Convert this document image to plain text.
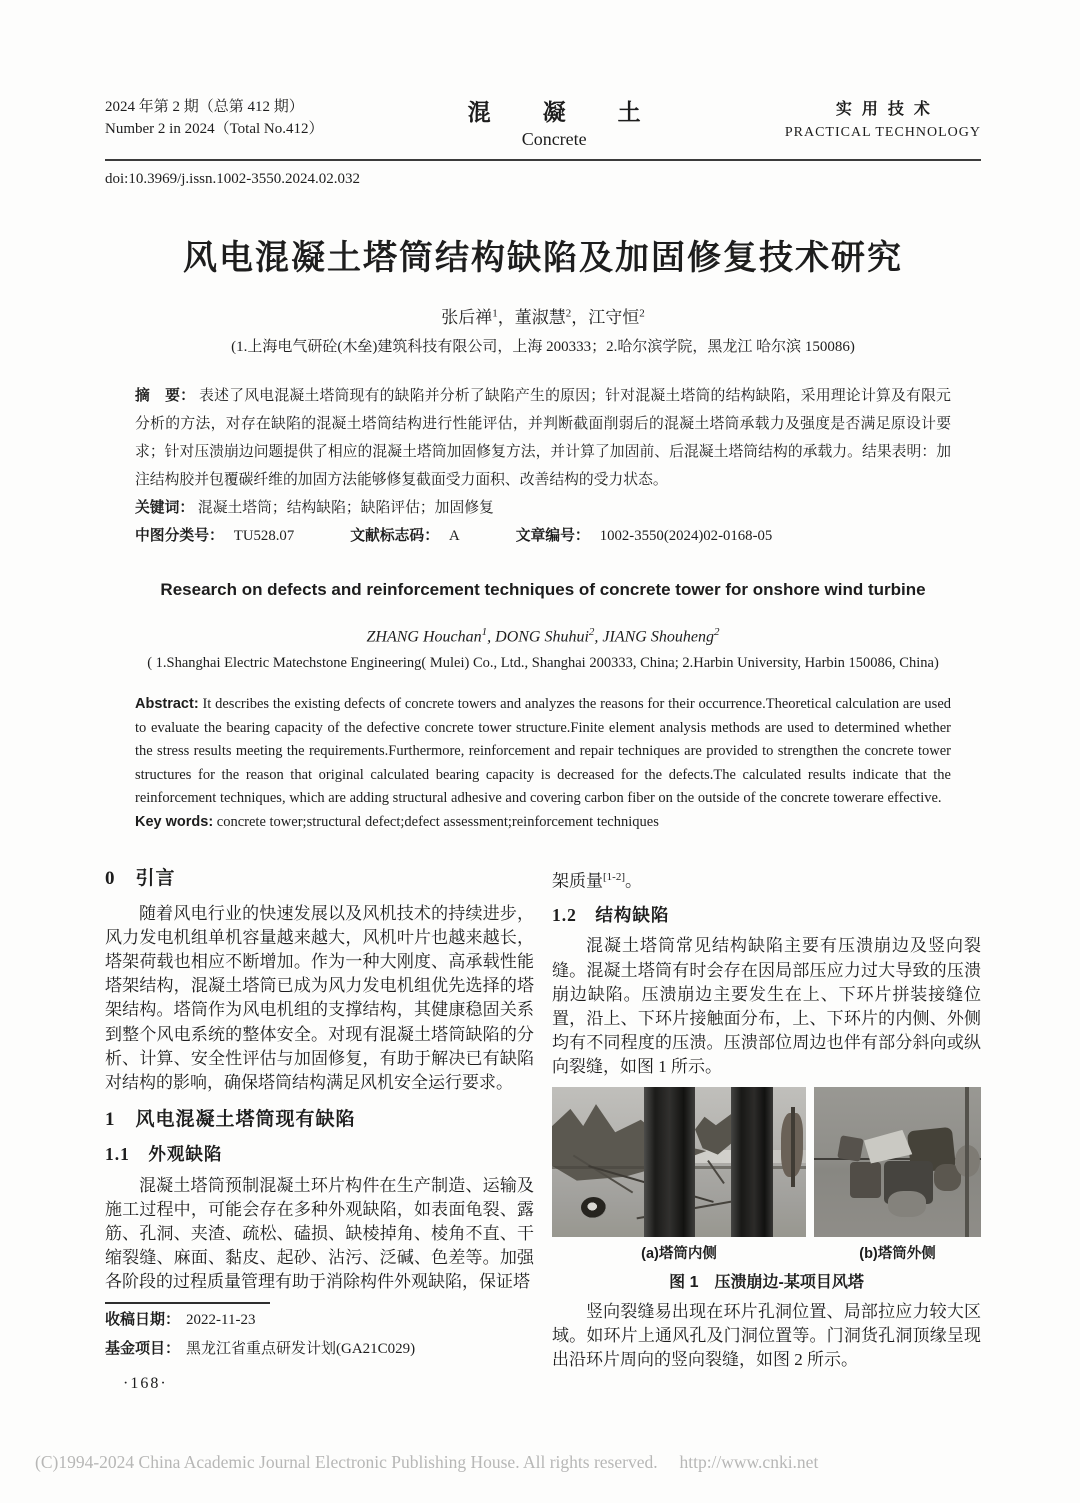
2024 年第 2 期（总第 412 期）
Number 2 in 2024（Total No.412）
混凝土
Concrete
实用技术
PRACTICAL TECHNOLOGY
doi:10.3969/j.issn.1002-3550.2024.02.032
风电混凝土塔筒结构缺陷及加固修复技术研究
张后禅$^1$，董淑慧$^2$，江守恒$^2$
(1.上海电气研砼(木垒)建筑科技有限公司，上海 200333；2.哈尔滨学院，黑龙江 哈尔滨 150086)
摘　要： 表述了风电混凝土塔筒现有的缺陷并分析了缺陷产生的原因；针对混凝土塔筒的结构缺陷，采用理论计算及有限元分析的方法，对存在缺陷的混凝土塔筒结构进行性能评估，并判断截面削弱后的混凝土塔筒承载力及强度是否满足原设计要求；针对压溃崩边问题提供了相应的混凝土塔筒加固修复方法，并计算了加固前、后混凝土塔筒结构的承载力。结果表明：加注结构胶并包覆碳纤维的加固方法能够修复截面受力面积、改善结构的受力状态。
关键词： 混凝土塔筒；结构缺陷；缺陷评估；加固修复
中图分类号： TU528.07	文献标志码： A	文章编号： 1002-3550(2024)02-0168-05
Research on defects and reinforcement techniques of concrete tower for onshore wind turbine
ZHANG Houchan$^1$, DONG Shuhui$^2$, JIANG Shouheng$^2$
( 1.Shanghai Electric Matechstone Engineering( Mulei) Co., Ltd., Shanghai 200333, China; 2.Harbin University, Harbin 150086, China)
Abstract: It describes the existing defects of concrete towers and analyzes the reasons for their occurrence.Theoretical calculation are used to evaluate the bearing capacity of the defective concrete tower structure.Finite element analysis methods are used to determined whether the stress results meeting the requirements.Furthermore, reinforcement and repair techniques are provided to strengthen the concrete tower structures for the reason that original calculated bearing capacity is decreased for the defects.The calculated results indicate that the reinforcement techniques, which are adding structural adhesive and covering carbon fiber on the outside of the concrete towerare effective.
Key words: concrete tower;structural defect;defect assessment;reinforcement techniques
0　引言

随着风电行业的快速发展以及风机技术的持续进步，风力发电机组单机容量越来越大，风机叶片也越来越长，塔架荷载也相应不断增加。作为一种大刚度、高承载性能塔架结构，混凝土塔筒已成为风力发电机组优先选择的塔架结构。塔筒作为风电机组的支撑结构，其健康稳固关系到整个风电系统的整体安全。对现有混凝土塔筒缺陷的分析、计算、安全性评估与加固修复，有助于解决已有缺陷对结构的影响，确保塔筒结构满足风机安全运行要求。

1　风电混凝土塔筒现有缺陷
1.1　外观缺陷

混凝土塔筒预制混凝土环片构件在生产制造、运输及施工过程中，可能会存在多种外观缺陷，如表面龟裂、露筋、孔洞、夹渣、疏松、磕损、缺棱掉角、棱角不直、干缩裂缝、麻面、黏皮、起砂、沾污、泛碱、色差等。加强各阶段的过程质量管理有助于消除构件外观缺陷，保证塔

收稿日期： 2022-11-23
基金项目： 黑龙江省重点研发计划(GA21C029)
·168·

架质量[1-2]。

1.2　结构缺陷

混凝土塔筒常见结构缺陷主要有压溃崩边及竖向裂缝。混凝土塔筒有时会存在因局部压应力过大导致的压溃崩边缺陷。压溃崩边主要发生在上、下环片拼装接缝位置，沿上、下环片接触面分布，上、下环片的内侧、外侧均有不同程度的压溃。压溃部位周边也伴有部分斜向或纵向裂缝，如图 1 所示。

(a)塔筒内侧	(b)塔筒外侧
图 1　压溃崩边-某项目风塔

竖向裂缝易出现在环片孔洞位置、局部拉应力较大区域。如环片上通风孔及门洞位置等。门洞货孔洞顶缘呈现出沿环片周向的竖向裂缝，如图 2 所示。

(C)1994-2024 China Academic Journal Electronic Publishing House. All rights reserved.　 http://www.cnki.net
